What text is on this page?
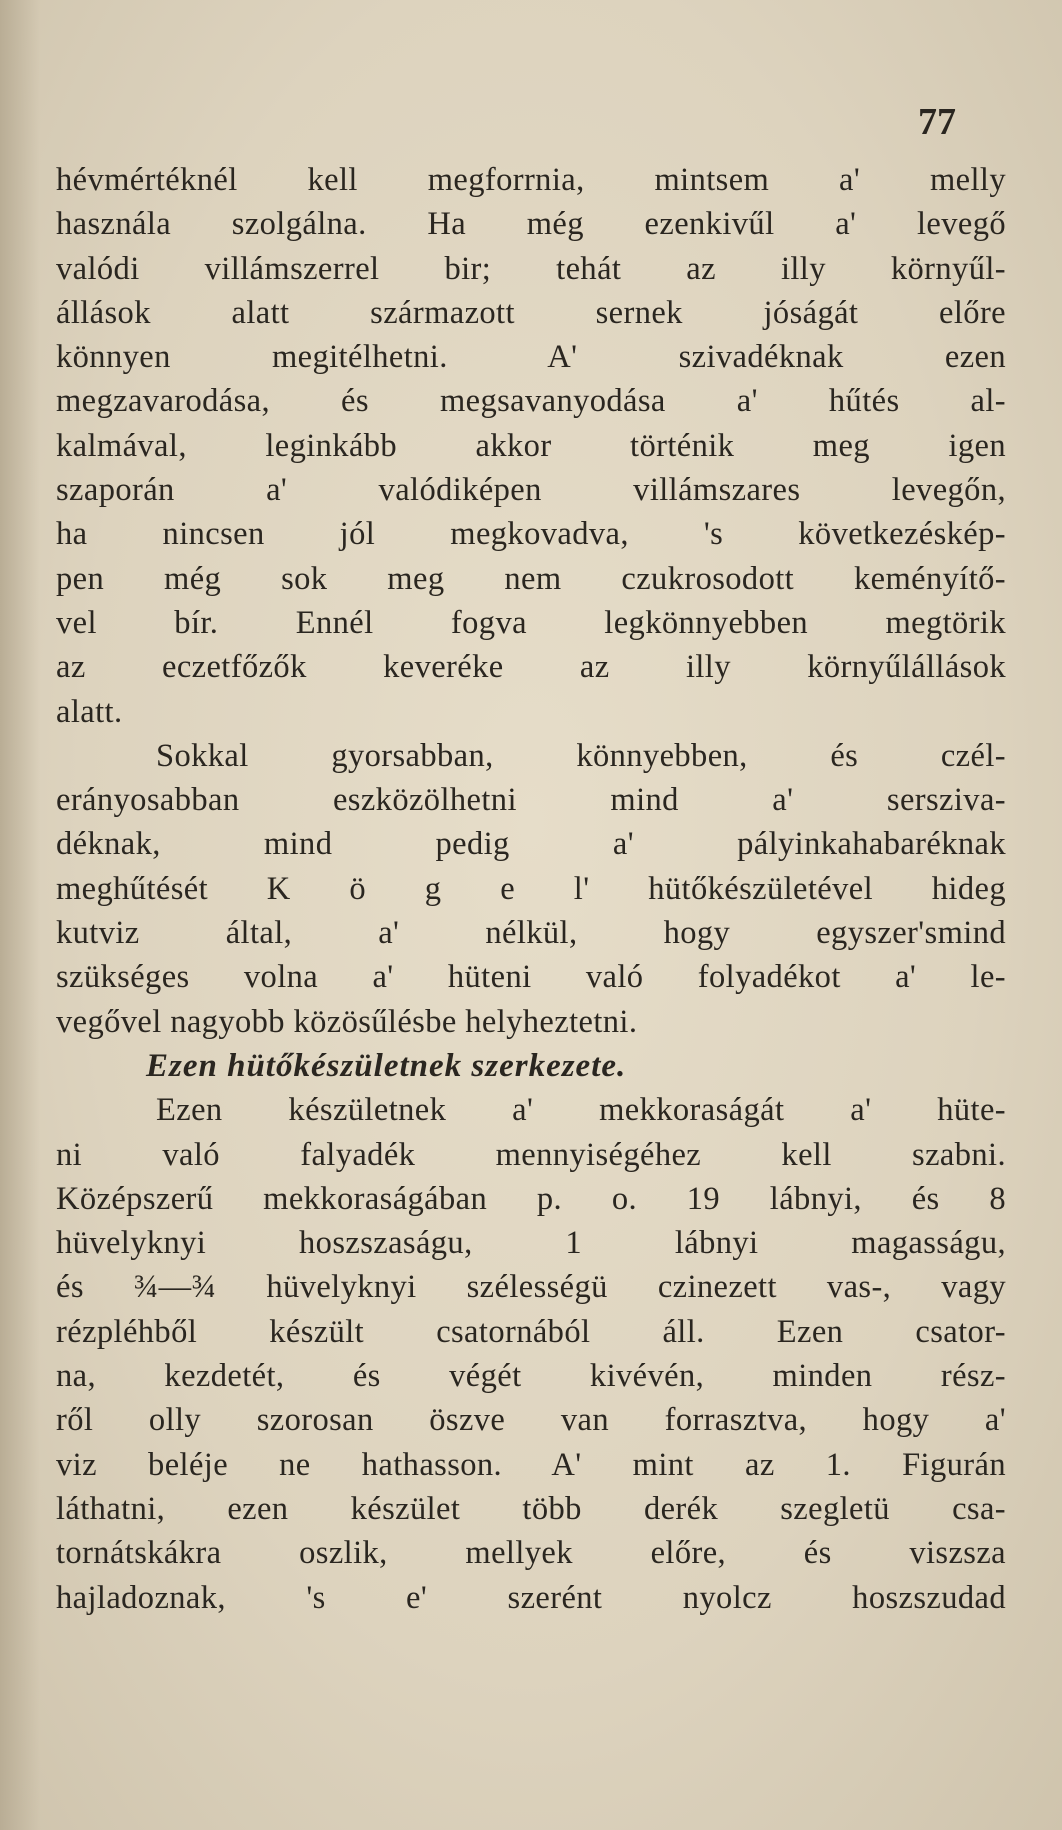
77
hévmértéknél kell megforrnia, mintsem a' melly
használa szolgálna. Ha még ezenkivűl a' levegő
valódi villámszerrel bir; tehát az illy környűl-
állások alatt származott sernek jóságát előre
könnyen megitélhetni. A' szivadéknak ezen
megzavarodása, és megsavanyodása a' hűtés al-
kalmával, leginkább akkor történik meg igen
szaporán a' valódiképen villámszares levegőn,
ha nincsen jól megkovadva, 's következéskép-
pen még sok meg nem czukrosodott keményítő-
vel bír. Ennél fogva legkönnyebben megtörik
az eczetfőzők keveréke az illy környűlállások
alatt.
Sokkal gyorsabban, könnyebben, és czél-
erányosabban eszközölhetni mind a' sersziva-
déknak, mind pedig a' pályinkahabaréknak
meghűtését K ö g e l' hütőkészületével hideg
kutviz által, a' nélkül, hogy egyszer'smind
szükséges volna a' hüteni való folyadékot a' le-
vegővel nagyobb közösűlésbe helyheztetni.
Ezen hütőkészületnek szerkezete.
Ezen készületnek a' mekkoraságát a' hüte-
ni való falyadék mennyiségéhez kell szabni.
Középszerű mekkoraságában p. o. 19 lábnyi, és 8
hüvelyknyi hoszszaságu, 1 lábnyi magasságu,
és ¾—¾ hüvelyknyi szélességü czinezett vas-, vagy
rézpléhből készült csatornából áll. Ezen csator-
na, kezdetét, és végét kivévén, minden rész-
ről olly szorosan öszve van forrasztva, hogy a'
viz beléje ne hathasson. A' mint az 1. Figurán
láthatni, ezen készület több derék szegletü csa-
tornátskákra oszlik, mellyek előre, és viszsza
hajladoznak, 's e' szerént nyolcz hoszszudad
